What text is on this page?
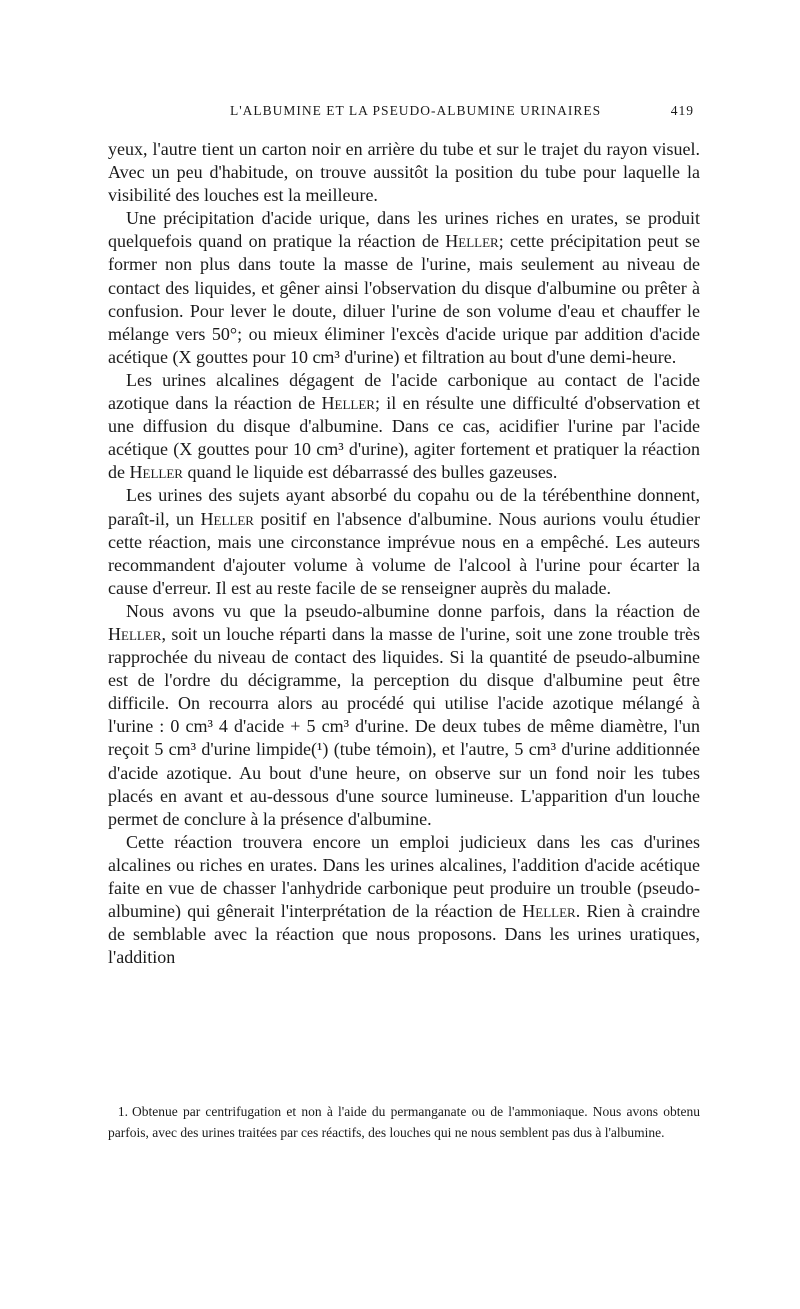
L'ALBUMINE ET LA PSEUDO-ALBUMINE URINAIRES	419

yeux, l'autre tient un carton noir en arrière du tube et sur le trajet du rayon visuel. Avec un peu d'habitude, on trouve aussitôt la position du tube pour laquelle la visibilité des louches est la meilleure.

Une précipitation d'acide urique, dans les urines riches en urates, se produit quelquefois quand on pratique la réaction de Heller; cette précipitation peut se former non plus dans toute la masse de l'urine, mais seulement au niveau de contact des liquides, et gêner ainsi l'observation du disque d'albumine ou prêter à confusion. Pour lever le doute, diluer l'urine de son volume d'eau et chauffer le mélange vers 50°; ou mieux éliminer l'excès d'acide urique par addition d'acide acétique (X gouttes pour 10 cm³ d'urine) et filtration au bout d'une demi-heure.

Les urines alcalines dégagent de l'acide carbonique au contact de l'acide azotique dans la réaction de Heller; il en résulte une difficulté d'observation et une diffusion du disque d'albumine. Dans ce cas, acidifier l'urine par l'acide acétique (X gouttes pour 10 cm³ d'urine), agiter fortement et pratiquer la réaction de Heller quand le liquide est débarrassé des bulles gazeuses.

Les urines des sujets ayant absorbé du copahu ou de la térébenthine donnent, paraît-il, un Heller positif en l'absence d'albumine. Nous aurions voulu étudier cette réaction, mais une circonstance imprévue nous en a empêché. Les auteurs recommandent d'ajouter volume à volume de l'alcool à l'urine pour écarter la cause d'erreur. Il est au reste facile de se renseigner auprès du malade.

Nous avons vu que la pseudo-albumine donne parfois, dans la réaction de Heller, soit un louche réparti dans la masse de l'urine, soit une zone trouble très rapprochée du niveau de contact des liquides. Si la quantité de pseudo-albumine est de l'ordre du décigramme, la perception du disque d'albumine peut être difficile. On recourra alors au procédé qui utilise l'acide azotique mélangé à l'urine : 0 cm³ 4 d'acide + 5 cm³ d'urine. De deux tubes de même diamètre, l'un reçoit 5 cm³ d'urine limpide(¹) (tube témoin), et l'autre, 5 cm³ d'urine additionnée d'acide azotique. Au bout d'une heure, on observe sur un fond noir les tubes placés en avant et au-dessous d'une source lumineuse. L'apparition d'un louche permet de conclure à la présence d'albumine.

Cette réaction trouvera encore un emploi judicieux dans les cas d'urines alcalines ou riches en urates. Dans les urines alcalines, l'addition d'acide acétique faite en vue de chasser l'anhydride carbonique peut produire un trouble (pseudo-albumine) qui gênerait l'interprétation de la réaction de Heller. Rien à craindre de semblable avec la réaction que nous proposons. Dans les urines uratiques, l'addition

1. Obtenue par centrifugation et non à l'aide du permanganate ou de l'ammoniaque. Nous avons obtenu parfois, avec des urines traitées par ces réactifs, des louches qui ne nous semblent pas dus à l'albumine.
